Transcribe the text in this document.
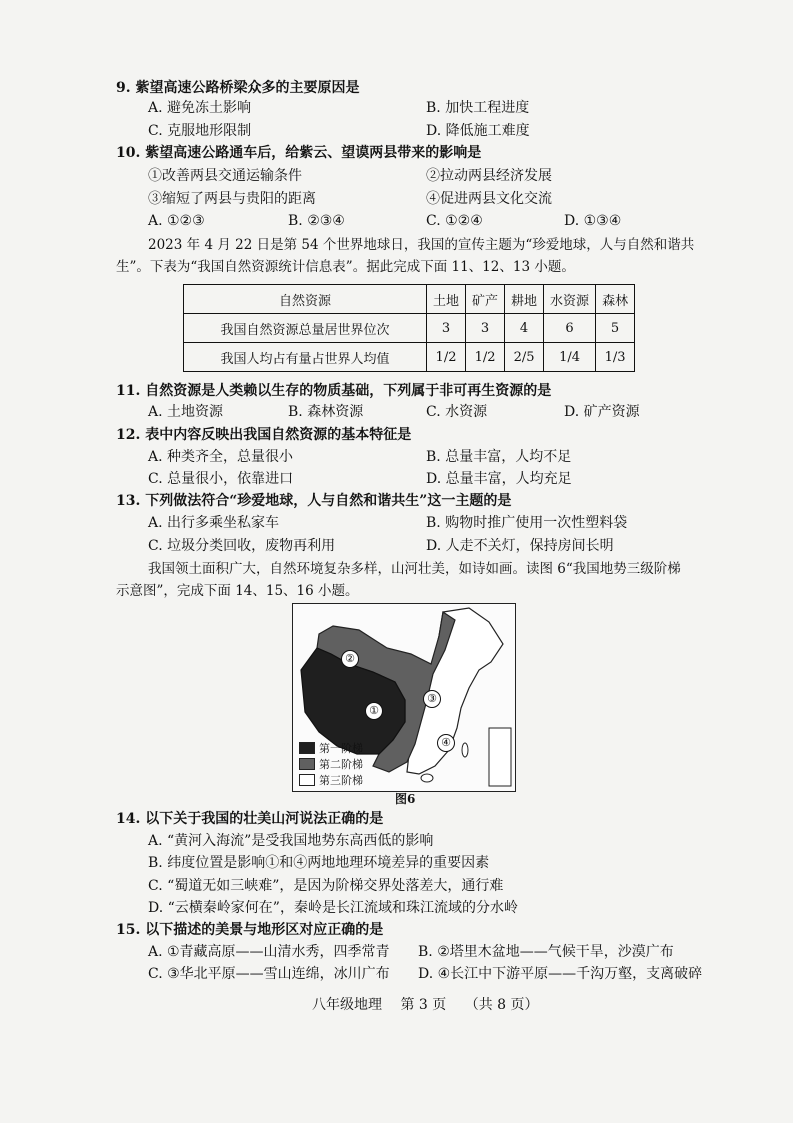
9. 紫望高速公路桥梁众多的主要原因是
A. 避免冻土影响	B. 加快工程进度
C. 克服地形限制	D. 降低施工难度
10. 紫望高速公路通车后，给紫云、望谟两县带来的影响是
①改善两县交通运输条件	②拉动两县经济发展
③缩短了两县与贵阳的距离	④促进两县文化交流
A. ①②③	B. ②③④	C. ①②④	D. ①③④
2023 年 4 月 22 日是第 54 个世界地球日，我国的宣传主题为“珍爱地球，人与自然和谐共
生”。下表为“我国自然资源统计信息表”。据此完成下面 11、12、13 小题。
自然资源	土地	矿产	耕地	水资源	森林
我国自然资源总量居世界位次	3	3	4	6	5
我国人均占有量占世界人均值	1/2	1/2	2/5	1/4	1/3
11. 自然资源是人类赖以生存的物质基础，下列属于非可再生资源的是
A. 土地资源	B. 森林资源	C. 水资源	D. 矿产资源
12. 表中内容反映出我国自然资源的基本特征是
A. 种类齐全，总量很小	B. 总量丰富，人均不足
C. 总量很小，依靠进口	D. 总量丰富，人均充足
13. 下列做法符合“珍爱地球，人与自然和谐共生”这一主题的是
A. 出行多乘坐私家车	B. 购物时推广使用一次性塑料袋
C. 垃圾分类回收，废物再利用	D. 人走不关灯，保持房间长明
我国领土面积广大，自然环境复杂多样，山河壮美，如诗如画。读图 6“我国地势三级阶梯
示意图”，完成下面 14、15、16 小题。
②
①
③
④
第一阶梯
第二阶梯
第三阶梯
图6
14. 以下关于我国的壮美山河说法正确的是
A. “黄河入海流”是受我国地势东高西低的影响
B. 纬度位置是影响①和④两地地理环境差异的重要因素
C. “蜀道无如三峡难”，是因为阶梯交界处落差大，通行难
D. “云横秦岭家何在”，秦岭是长江流域和珠江流域的分水岭
15. 以下描述的美景与地形区对应正确的是
A. ①青藏高原——山清水秀，四季常青 B. ②塔里木盆地——气候干旱，沙漠广布
C. ③华北平原——雪山连绵，冰川广布 D. ④长江中下游平原——千沟万壑，支离破碎
八年级地理 第 3 页 （共 8 页）
